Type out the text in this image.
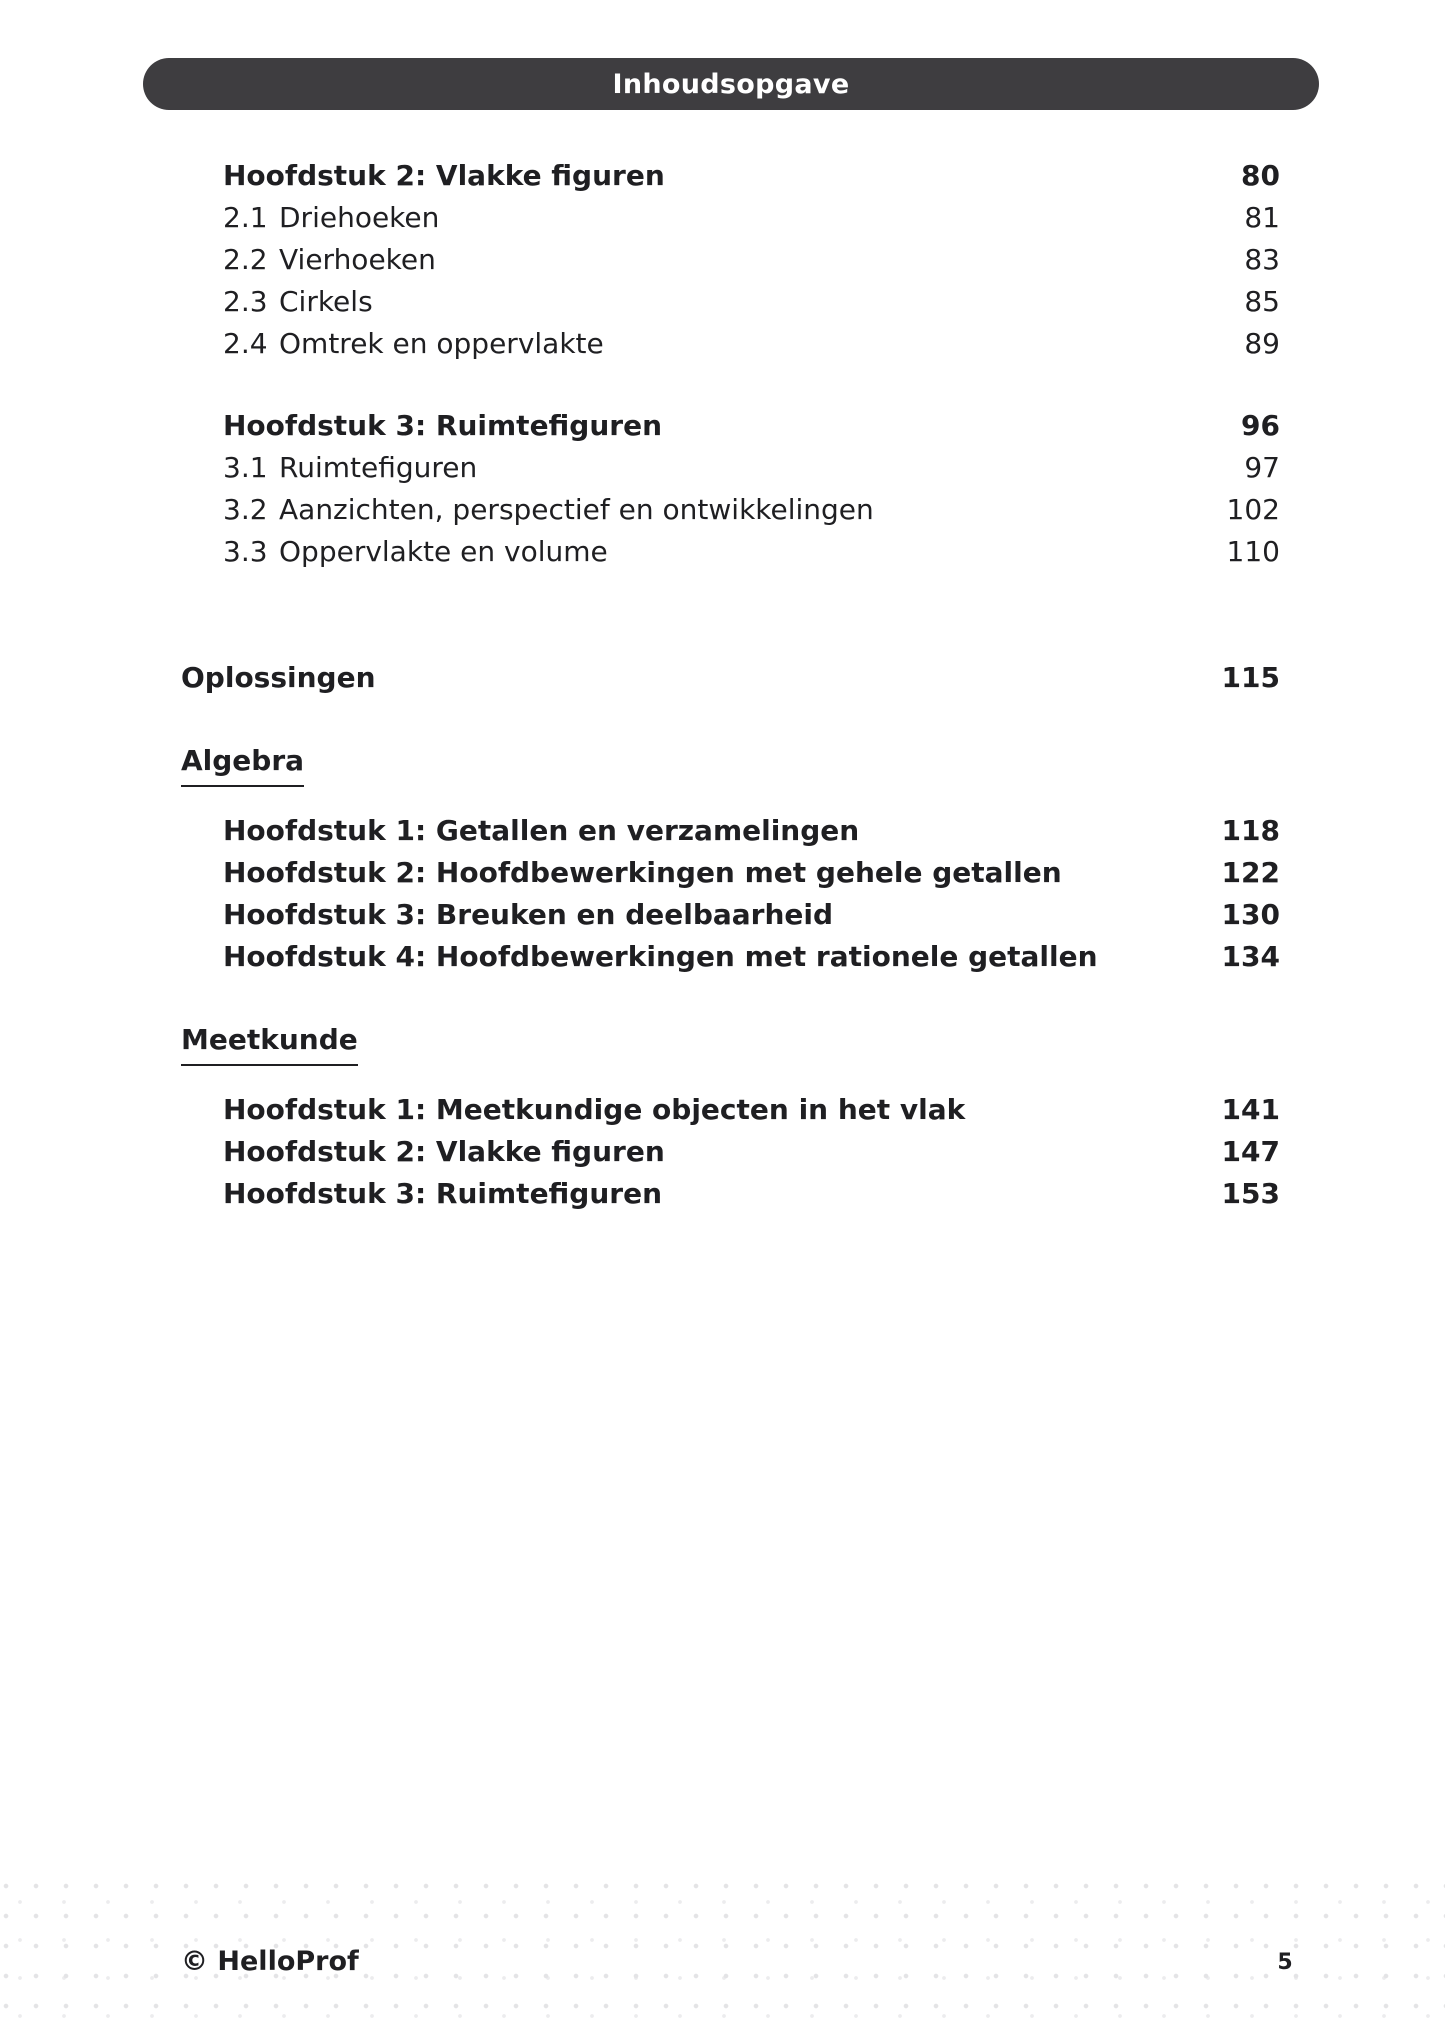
Inhoudsopgave
Hoofdstuk 2: Vlakke figuren	80
2.1 Driehoeken	81
2.2 Vierhoeken	83
2.3 Cirkels	85
2.4 Omtrek en oppervlakte	89
Hoofdstuk 3: Ruimtefiguren	96
3.1 Ruimtefiguren	97
3.2 Aanzichten, perspectief en ontwikkelingen	102
3.3 Oppervlakte en volume	110
Oplossingen	115
Algebra
Hoofdstuk 1: Getallen en verzamelingen	118
Hoofdstuk 2: Hoofdbewerkingen met gehele getallen	122
Hoofdstuk 3: Breuken en deelbaarheid	130
Hoofdstuk 4: Hoofdbewerkingen met rationele getallen	134
Meetkunde
Hoofdstuk 1: Meetkundige objecten in het vlak	141
Hoofdstuk 2: Vlakke figuren	147
Hoofdstuk 3: Ruimtefiguren	153
© HelloProf	5
